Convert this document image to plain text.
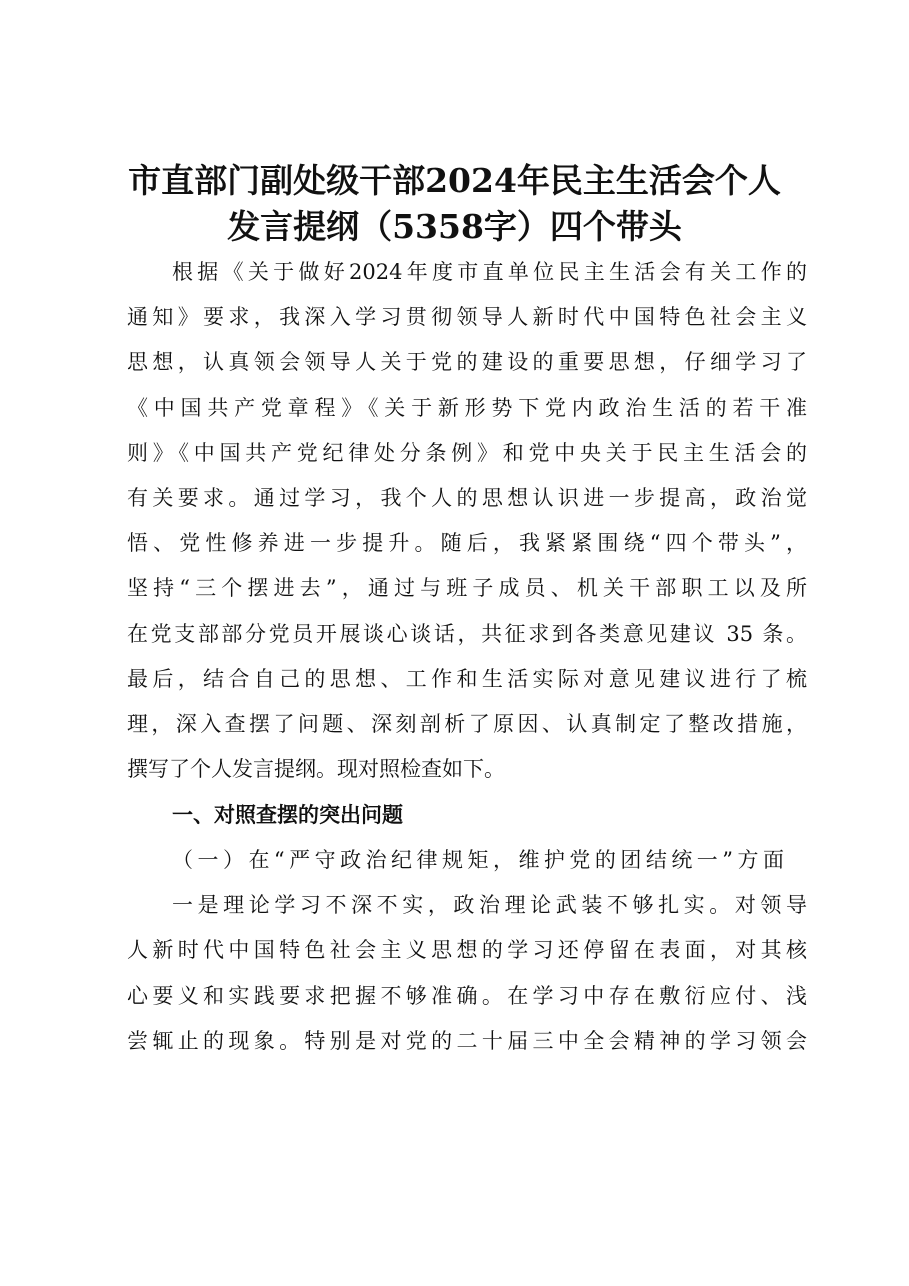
市直部门副处级干部2024年民主生活会个人
发言提纲（5358字）四个带头
根据《关于做好2024年度市直单位民主生活会有关工作的
通知》要求，我深入学习贯彻领导人新时代中国特色社会主义
思想，认真领会领导人关于党的建设的重要思想，仔细学习了
《中国共产党章程》《关于新形势下党内政治生活的若干准
则》《中国共产党纪律处分条例》和党中央关于民主生活会的
有关要求。通过学习，我个人的思想认识进一步提高，政治觉
悟、党性修养进一步提升。随后，我紧紧围绕“四个带头”，
坚持“三个摆进去”，通过与班子成员、机关干部职工以及所
在党支部部分党员开展谈心谈话，共征求到各类意见建议 35 条。
最后，结合自己的思想、工作和生活实际对意见建议进行了梳
理，深入查摆了问题、深刻剖析了原因、认真制定了整改措施，
撰写了个人发言提纲。现对照检查如下。
一、对照查摆的突出问题
（一）在“严守政治纪律规矩，维护党的团结统一”方面
一是理论学习不深不实，政治理论武装不够扎实。对领导
人新时代中国特色社会主义思想的学习还停留在表面，对其核
心要义和实践要求把握不够准确。在学习中存在敷衍应付、浅
尝辄止的现象。特别是对党的二十届三中全会精神的学习领会
